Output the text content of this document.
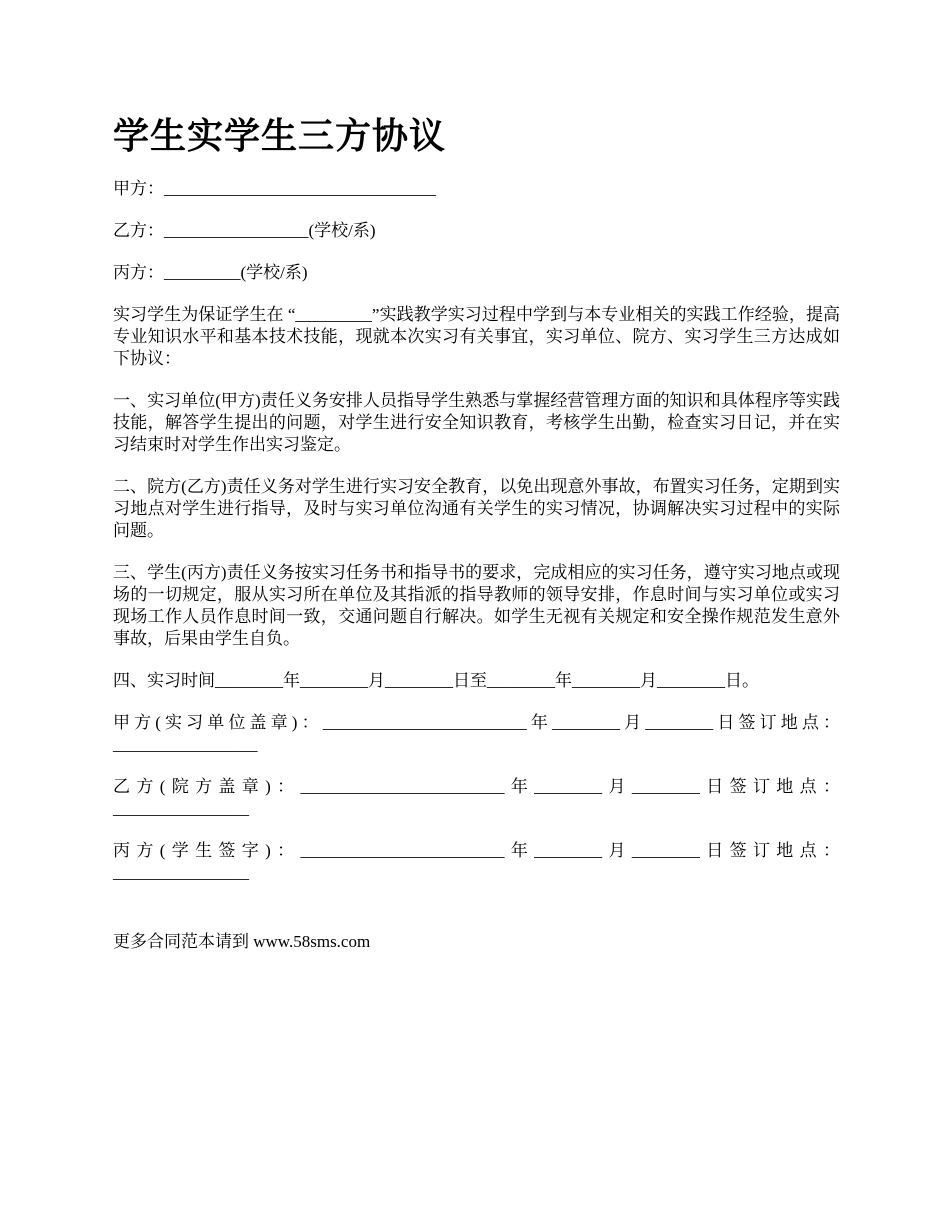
学生实学生三方协议

甲方：________________________________

乙方：_________________(学校/系)

丙方：_________(学校/系)

实习学生为保证学生在 “_________”实践教学实习过程中学到与本专业相关的实践工作经验，提高专业知识水平和基本技术技能，现就本次实习有关事宜，实习单位、院方、实习学生三方达成如下协议：

一、实习单位(甲方)责任义务安排人员指导学生熟悉与掌握经营管理方面的知识和具体程序等实践技能，解答学生提出的问题，对学生进行安全知识教育，考核学生出勤，检查实习日记，并在实习结束时对学生作出实习鉴定。

二、院方(乙方)责任义务对学生进行实习安全教育，以免出现意外事故，布置实习任务，定期到实习地点对学生进行指导，及时与实习单位沟通有关学生的实习情况，协调解决实习过程中的实际问题。

三、学生(丙方)责任义务按实习任务书和指导书的要求，完成相应的实习任务，遵守实习地点或现场的一切规定，服从实习所在单位及其指派的指导教师的领导安排，作息时间与实习单位或实习现场工作人员作息时间一致，交通问题自行解决。如学生无视有关规定和安全操作规范发生意外事故，后果由学生自负。

四、实习时间________年________月________日至________年________月________日。

甲方(实习单位盖章)：________________________年________月________日签订地点：_________________

乙方(院方盖章)：________________________年________月________日签订地点：________________

丙方(学生签字)：________________________年________月________日签订地点：________________

更多合同范本请到 www.58sms.com
